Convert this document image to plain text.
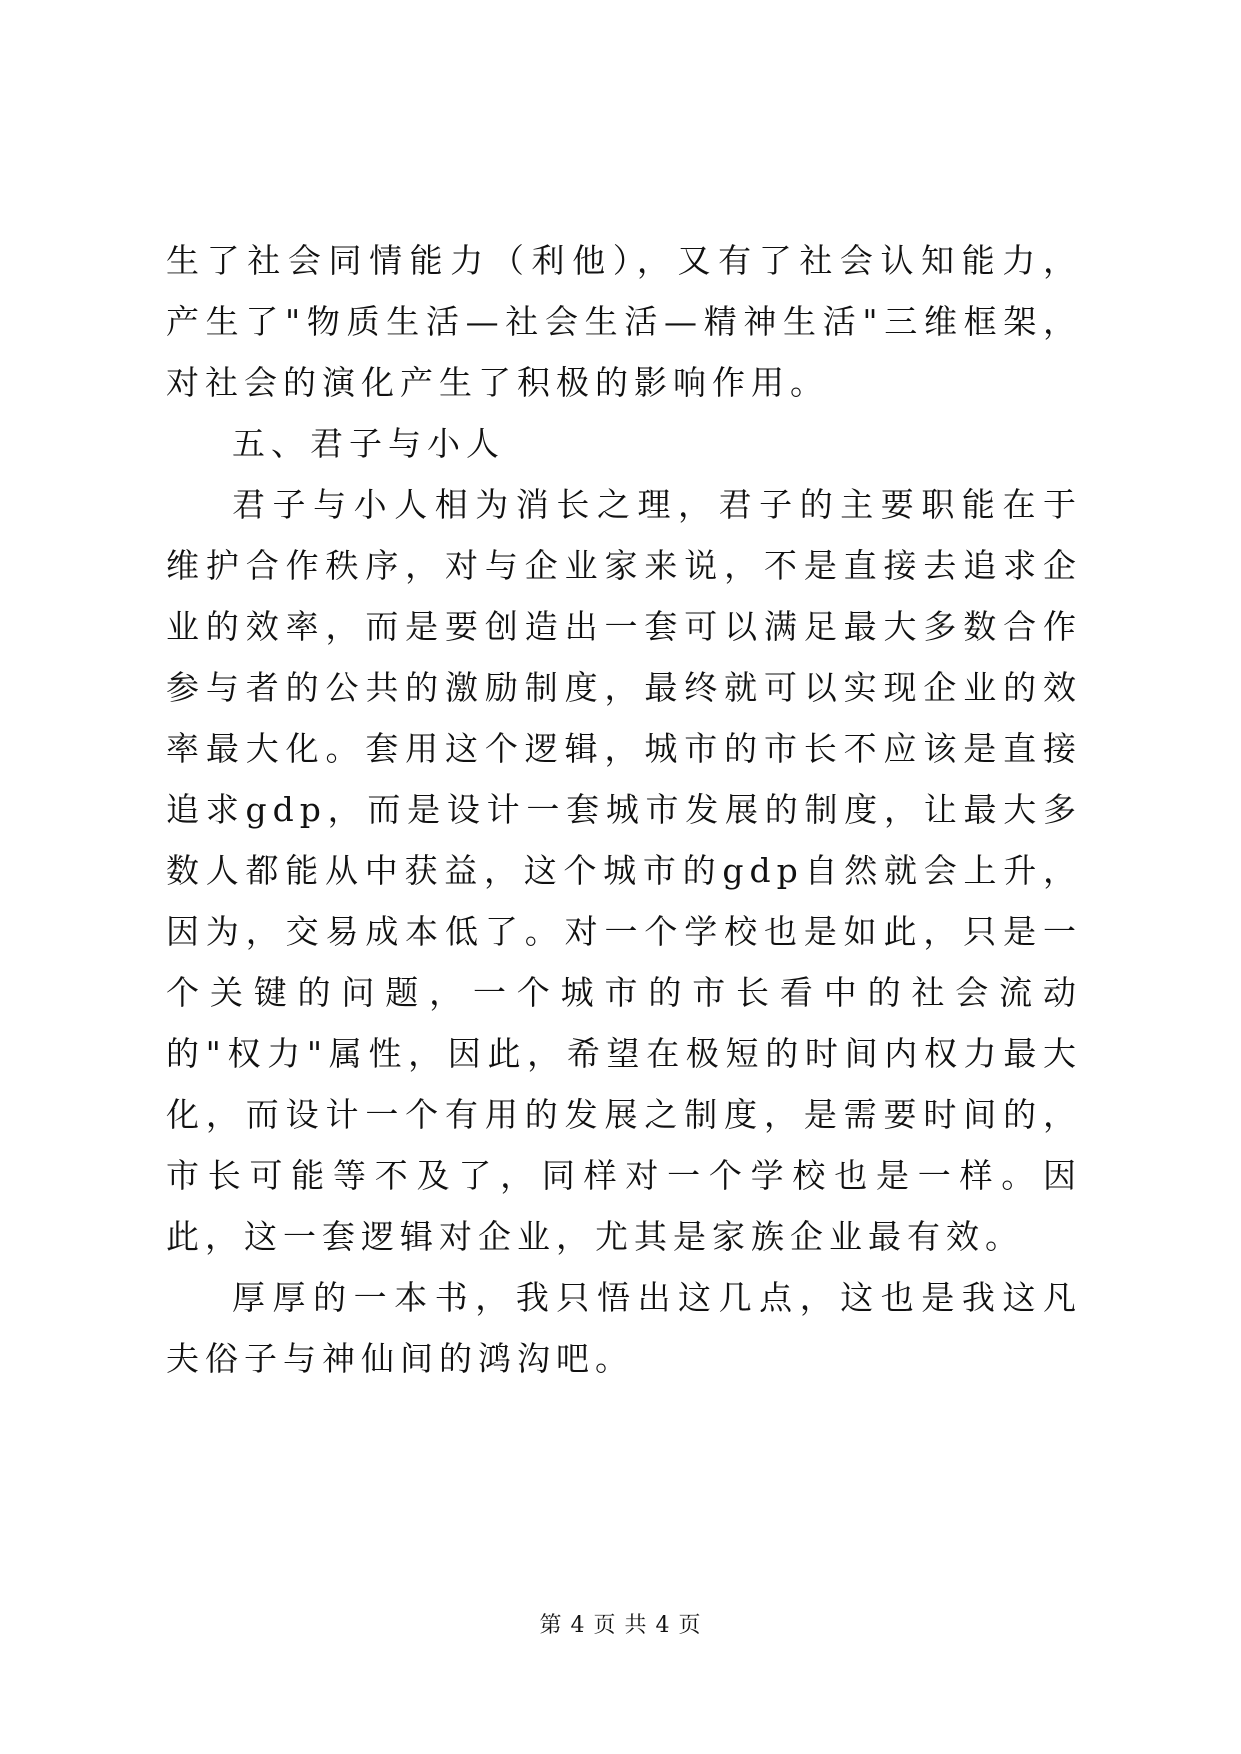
生了社会同情能力（利他），又有了社会认知能力，产生了"物质生活—社会生活—精神生活"三维框架，对社会的演化产生了积极的影响作用。

五、君子与小人

君子与小人相为消长之理，君子的主要职能在于维护合作秩序，对与企业家来说，不是直接去追求企业的效率，而是要创造出一套可以满足最大多数合作参与者的公共的激励制度，最终就可以实现企业的效率最大化。套用这个逻辑，城市的市长不应该是直接追求gdp，而是设计一套城市发展的制度，让最大多数人都能从中获益，这个城市的gdp自然就会上升，因为，交易成本低了。对一个学校也是如此，只是一个关键的问题，一个城市的市长看中的社会流动的"权力"属性，因此，希望在极短的时间内权力最大化，而设计一个有用的发展之制度，是需要时间的，市长可能等不及了，同样对一个学校也是一样。因此，这一套逻辑对企业，尤其是家族企业最有效。

厚厚的一本书，我只悟出这几点，这也是我这凡夫俗子与神仙间的鸿沟吧。

第 4 页 共 4 页
